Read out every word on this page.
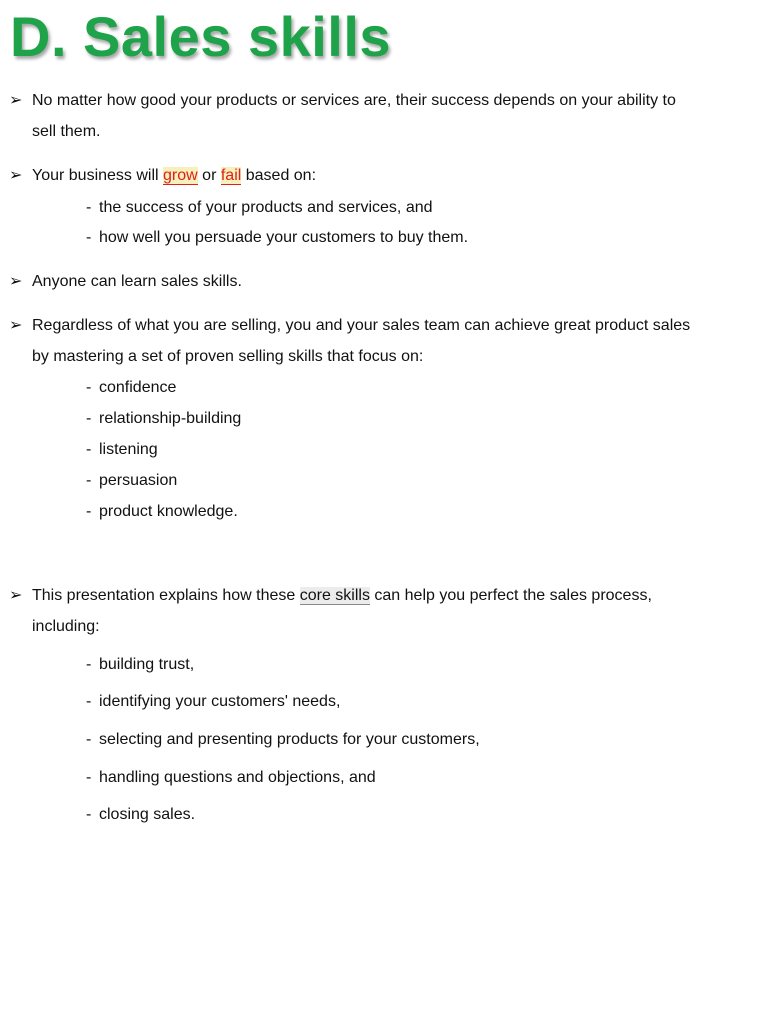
D. Sales skills
➢ No matter how good your products or services are, their success depends on your ability to
sell them.
➢ Your business will grow or fail based on:
- the success of your products and services, and
- how well you persuade your customers to buy them.
➢ Anyone can learn sales skills.
➢ Regardless of what you are selling, you and your sales team can achieve great product sales
by mastering a set of proven selling skills that focus on:
- confidence
- relationship-building
- listening
- persuasion
- product knowledge.
➢ This presentation explains how these core skills can help you perfect the sales process,
including:
- building trust,
- identifying your customers' needs,
- selecting and presenting products for your customers,
- handling questions and objections, and
- closing sales.
